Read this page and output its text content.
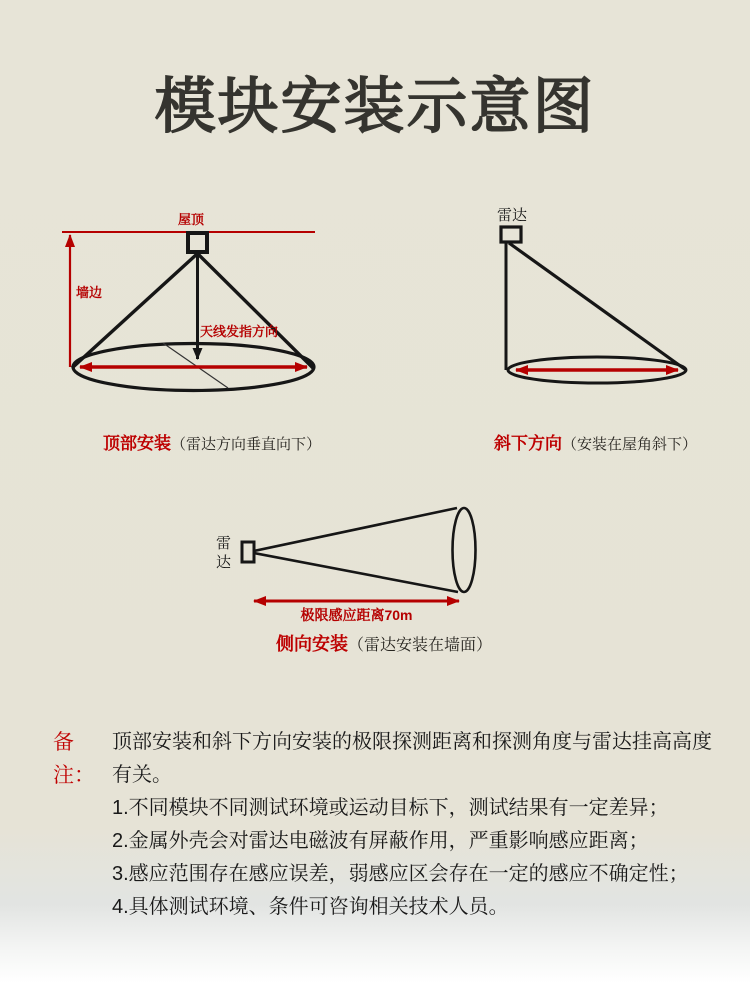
模块安装示意图
屋顶
墙边
天线发指方向
雷达
雷达
极限感应距离70m
顶部安装（雷达方向垂直向下）	斜下方向（安装在屋角斜下）
侧向安装（雷达安装在墙面）
备注：
顶部安装和斜下方向安装的极限探测距离和探测角度与雷达挂高高度有关。
1.不同模块不同测试环境或运动目标下，测试结果有一定差异；
2.金属外壳会对雷达电磁波有屏蔽作用，严重影响感应距离；
3.感应范围存在感应误差，弱感应区会存在一定的感应不确定性；
4.具体测试环境、条件可咨询相关技术人员。
